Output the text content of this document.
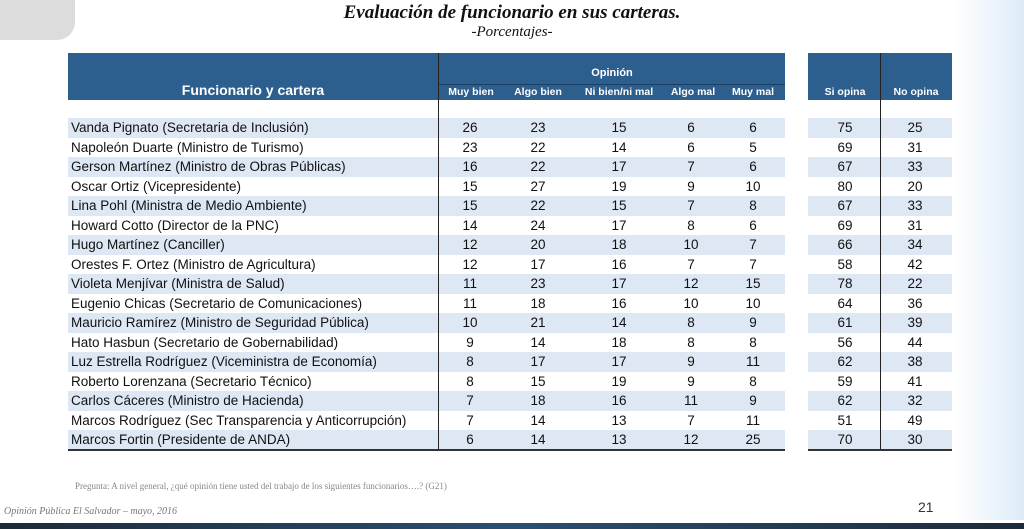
Evaluación de funcionario en sus carteras.
-Porcentajes-
Funcionario y cartera
Opinión
Muy bien	Algo bien	Ni bien/ni mal	Algo mal	Muy mal	Si opina	No opina
Vanda Pignato (Secretaria de Inclusión)	26	23	15	6	6	75	25
Napoleón Duarte (Ministro de Turismo)	23	22	14	6	5	69	31
Gerson Martínez (Ministro de Obras Públicas)	16	22	17	7	6	67	33
Oscar Ortiz (Vicepresidente)	15	27	19	9	10	80	20
Lina Pohl (Ministra de Medio Ambiente)	15	22	15	7	8	67	33
Howard Cotto (Director de la PNC)	14	24	17	8	6	69	31
Hugo Martínez (Canciller)	12	20	18	10	7	66	34
Orestes F. Ortez (Ministro de Agricultura)	12	17	16	7	7	58	42
Violeta Menjívar (Ministra de Salud)	11	23	17	12	15	78	22
Eugenio Chicas (Secretario de Comunicaciones)	11	18	16	10	10	64	36
Mauricio Ramírez (Ministro de Seguridad Pública)	10	21	14	8	9	61	39
Hato Hasbun (Secretario de Gobernabilidad)	9	14	18	8	8	56	44
Luz Estrella Rodríguez (Viceministra de Economía)	8	17	17	9	11	62	38
Roberto Lorenzana (Secretario Técnico)	8	15	19	9	8	59	41
Carlos Cáceres (Ministro de Hacienda)	7	18	16	11	9	62	32
Marcos Rodríguez (Sec Transparencia y Anticorrupción)	7	14	13	7	11	51	49
Marcos Fortin (Presidente de ANDA)	6	14	13	12	25	70	30
Pregunta: A nivel general, ¿qué opinión tiene usted del trabajo de los siguientes funcionarios….? (G21)
Opinión Pública El Salvador – mayo, 2016	21
